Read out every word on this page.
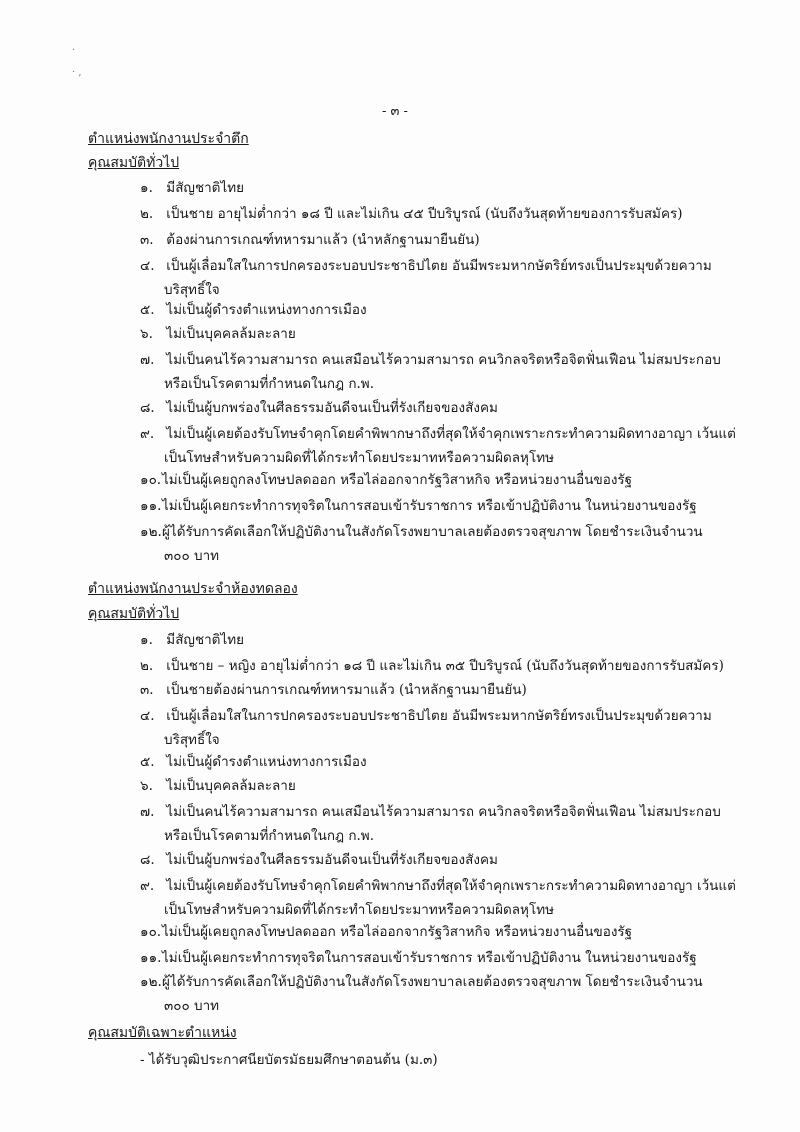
·
· ,
- ๓ -
ตำแหน่งพนักงานประจำตึก
คุณสมบัติทั่วไป
๑. มีสัญชาติไทย
๒. เป็นชาย อายุไม่ต่ำกว่า ๑๘ ปี และไม่เกิน ๔๕ ปีบริบูรณ์ (นับถึงวันสุดท้ายของการรับสมัคร)
๓. ต้องผ่านการเกณฑ์ทหารมาแล้ว (นำหลักฐานมายืนยัน)
๔. เป็นผู้เลื่อมใสในการปกครองระบอบประชาธิปไตย อันมีพระมหากษัตริย์ทรงเป็นประมุขด้วยความ
บริสุทธิ์ใจ
๕. ไม่เป็นผู้ดำรงตำแหน่งทางการเมือง
๖. ไม่เป็นบุคคลล้มละลาย
๗. ไม่เป็นคนไร้ความสามารถ คนเสมือนไร้ความสามารถ คนวิกลจริตหรือจิตฟั่นเฟือน ไม่สมประกอบ
หรือเป็นโรคตามที่กำหนดในกฎ ก.พ.
๘. ไม่เป็นผู้บกพร่องในศีลธรรมอันดีจนเป็นที่รังเกียจของสังคม
๙. ไม่เป็นผู้เคยต้องรับโทษจำคุกโดยคำพิพากษาถึงที่สุดให้จำคุกเพราะกระทำความผิดทางอาญา เว้นแต่
เป็นโทษสำหรับความผิดที่ได้กระทำโดยประมาทหรือความผิดลหุโทษ
๑๐.ไม่เป็นผู้เคยถูกลงโทษปลดออก หรือไล่ออกจากรัฐวิสาหกิจ หรือหน่วยงานอื่นของรัฐ
๑๑.ไม่เป็นผู้เคยกระทำการทุจริตในการสอบเข้ารับราชการ หรือเข้าปฏิบัติงาน ในหน่วยงานของรัฐ
๑๒.ผู้ได้รับการคัดเลือกให้ปฏิบัติงานในสังกัดโรงพยาบาลเลยต้องตรวจสุขภาพ โดยชำระเงินจำนวน
๓๐๐ บาท
ตำแหน่งพนักงานประจำห้องทดลอง
คุณสมบัติทั่วไป
๑. มีสัญชาติไทย
๒. เป็นชาย – หญิง อายุไม่ต่ำกว่า ๑๘ ปี และไม่เกิน ๓๕ ปีบริบูรณ์ (นับถึงวันสุดท้ายของการรับสมัคร)
๓. เป็นชายต้องผ่านการเกณฑ์ทหารมาแล้ว (นำหลักฐานมายืนยัน)
๔. เป็นผู้เลื่อมใสในการปกครองระบอบประชาธิปไตย อันมีพระมหากษัตริย์ทรงเป็นประมุขด้วยความ
บริสุทธิ์ใจ
๕. ไม่เป็นผู้ดำรงตำแหน่งทางการเมือง
๖. ไม่เป็นบุคคลล้มละลาย
๗. ไม่เป็นคนไร้ความสามารถ คนเสมือนไร้ความสามารถ คนวิกลจริตหรือจิตฟั่นเฟือน ไม่สมประกอบ
หรือเป็นโรคตามที่กำหนดในกฎ ก.พ.
๘. ไม่เป็นผู้บกพร่องในศีลธรรมอันดีจนเป็นที่รังเกียจของสังคม
๙. ไม่เป็นผู้เคยต้องรับโทษจำคุกโดยคำพิพากษาถึงที่สุดให้จำคุกเพราะกระทำความผิดทางอาญา เว้นแต่
เป็นโทษสำหรับความผิดที่ได้กระทำโดยประมาทหรือความผิดลหุโทษ
๑๐.ไม่เป็นผู้เคยถูกลงโทษปลดออก หรือไล่ออกจากรัฐวิสาหกิจ หรือหน่วยงานอื่นของรัฐ
๑๑.ไม่เป็นผู้เคยกระทำการทุจริตในการสอบเข้ารับราชการ หรือเข้าปฏิบัติงาน ในหน่วยงานของรัฐ
๑๒.ผู้ได้รับการคัดเลือกให้ปฏิบัติงานในสังกัดโรงพยาบาลเลยต้องตรวจสุขภาพ โดยชำระเงินจำนวน
๓๐๐ บาท
คุณสมบัติเฉพาะตำแหน่ง
- ได้รับวุฒิประกาศนียบัตรมัธยมศึกษาตอนต้น (ม.๓)
